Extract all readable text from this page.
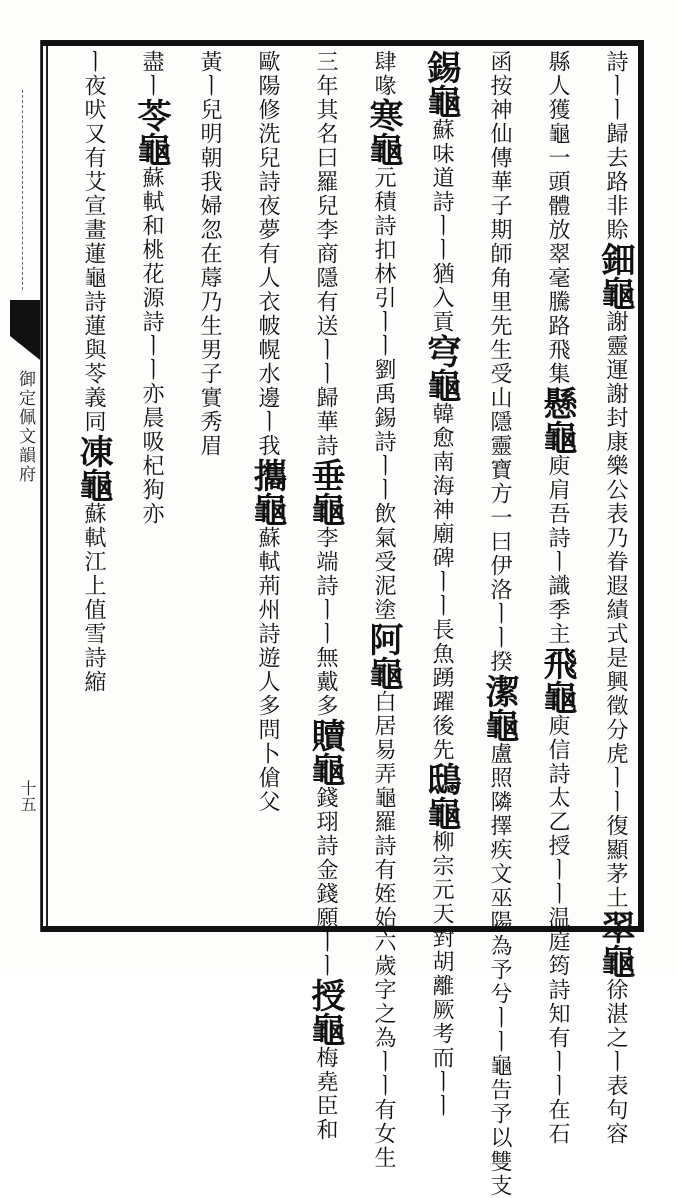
御定佩文韻府
十五
詩ㅣㅣ歸去路非賒鈿龜謝靈運謝封康樂公表乃眷遐績式是興徵分虎ㅣㅣ復顯茅土翠龜徐湛之ㅣ表句容
縣人獲龜一頭體放翠毫騰路飛集懸龜庾肩吾詩ㅣ識季主飛龜庾信詩太乙授ㅣㅣ温庭筠詩知有ㅣㅣ在石
函按神仙傳華子期師角里先生受山隱靈寶方一曰伊洛ㅣㅣ揆潔龜盧照隣擇疾文巫陽為予兮ㅣㅣ龜告予以雙支
錫龜蘇味道詩ㅣㅣ猶入貢穹龜韓愈南海神廟碑ㅣㅣ長魚踴躍後先鴟龜柳宗元天對胡離厥考而ㅣㅣ
肆喙寒龜元積詩扣林引ㅣㅣ劉禹錫詩ㅣㅣ飲氣受泥塗阿龜白居易弄龜羅詩有姪始六歲字之為ㅣㅣ有女生
三年其名曰羅兒李商隱有送ㅣㅣ歸華詩垂龜李端詩ㅣㅣ無戴多贖龜錢珝詩金錢願ㅣㅣ授龜梅堯臣和
歐陽修洗兒詩夜夢有人衣帔幌水邊ㅣ我攜龜蘇軾荊州詩遊人多問卜傖父
黃ㅣ兒明朝我婦忽在蓐乃生男子實秀眉
盡ㅣ苓龜蘇軾和桃花源詩ㅣㅣ亦晨吸杞狗亦
ㅣ夜吠又有艾宣畫蓮龜詩蓮與苓義同凍龜蘇軾江上值雪詩縮
